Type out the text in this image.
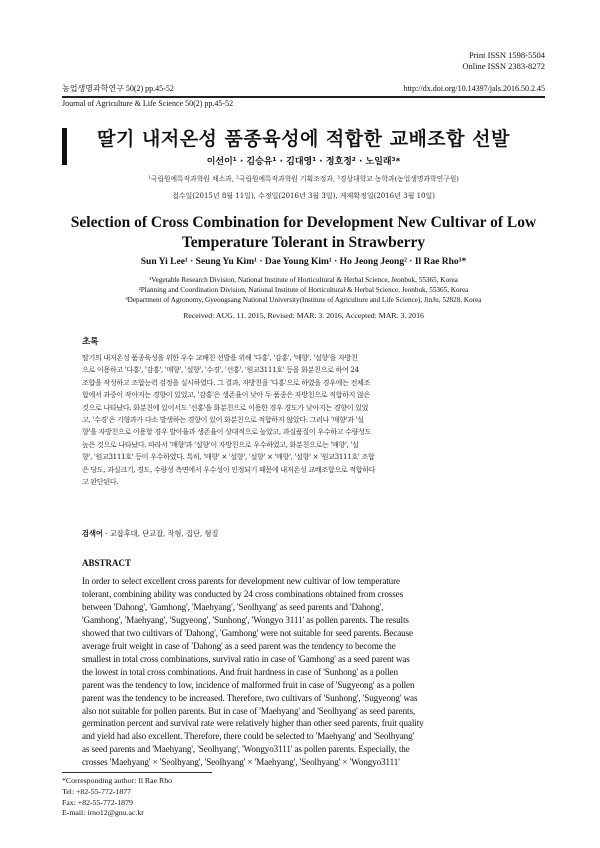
Print ISSN 1598-5504
Online ISSN 2383-8272
농업생명과학연구 50(2) pp.45-52	http://dx.doi.org/10.14397/jals.2016.50.2.45
Journal of Agriculture & Life Science 50(2) pp.45-52
딸기 내저온성 품종육성에 적합한 교배조합 선발
이선이¹ · 김승유¹ · 김대영¹ · 정호정² · 노일래³*
¹국립원예특작과학원 채소과, ²국립원예특작과학원 기획조정과, ³경상대학교 농학과(농업생명과학연구원)
접수일(2015년 8월 11일), 수정일(2016년 3월 3일), 게재확정일(2016년 3월 10일)
Selection of Cross Combination for Development New Cultivar of Low
Temperature Tolerant in Strawberry
Sun Yi Lee¹ · Seung Yu Kim¹ · Dae Young Kim¹ · Ho Jeong Jeong² · Il Rae Rho³*
¹Vegetable Research Division, National Institute of Horticultural & Herbal Science, Jeonbuk, 55365, Korea
²Planning and Coordination Division, National Institute of Horticultural & Herbal Science, Jeonbuk, 55365, Korea
³Department of Agronomy, Gyeongsang National University(Institute of Agriculture and Life Science), JinJu, 52828, Korea
Received: AUG. 11. 2015, Revised: MAR. 3. 2016, Accepted: MAR. 3. 2016
초록
딸기의 내저온성 품종육성을 위한 우수 교배친 선발을 위해 '다홍', '감홍', '매향', '설향'을 자방친
으로 이용하고 '다홍', '감홍', '매향', '설향', '수경', '선홍', '원교3111호' 등을 화분친으로 하여 24
조합을 작성하고 조합능력 검정을 실시하였다. 그 결과, 자방친을 '다홍'으로 하였을 경우에는 전체조
합에서 과중이 작아지는 경향이 있었고, '감홍'은 생존율이 낮아 두 품종은 자방친으로 적합하지 않은
것으로 나타났다. 화분친에 있어서도 '선홍'을 화분친으로 이용한 경우 경도가 낮아지는 경향이 있었
고, '수경'은 기형과가 다소 발생하는 경향이 있어 화분친으로 적합하지 않았다. 그러나 '매향'과 '설
향'을 자방친으로 이용할 경우 발아율과 생존율이 상대적으로 높았고, 과실품질이 우수하고 수량성도
높은 것으로 나타났다. 따라서 '매향'과 '설향'이 자방친으로 우수하였고, 화분친으로는 '매향', '설
향', '원교3111호' 등이 우수하였다. 특히, '매향' × '설향', '설향' × '매향', '설향' × '원교3111호' 조합
은 당도, 과실크기, 경도, 수량성 측면에서 우수성이 인정되기 때문에 내저온성 교배조합으로 적합하다
고 판단된다.
검색어 - 교잡후대, 단교잡, 작형, 집단, 형질
ABSTRACT
In order to select excellent cross parents for development new cultivar of low temperature
tolerant, combining ability was conducted by 24 cross combinations obtained from crosses
between 'Dahong', 'Gamhong', 'Maehyang', 'Seolhyang' as seed parents and 'Dahong',
'Gamhong', 'Maehyang', 'Sugyeong', 'Sunhong', 'Wongyo 3111' as pollen parents. The results
showed that two cultivars of 'Dahong', 'Gamhong' were not suitable for seed parents. Because
average fruit weight in case of 'Dahong' as a seed parent was the tendency to become the
smallest in total cross combinations, survival ratio in case of 'Gamhong' as a seed parent was
the lowest in total cross combinations. And fruit hardness in case of 'Sunhong' as a pollen
parent was the tendency to low, incidence of malformed fruit in case of 'Sugyeong' as a pollen
parent was the tendency to be increased. Therefore, two cultivars of 'Sunhong', 'Sugyeong' was
also not suitable for pollen parents. But in case of 'Maehyang' and 'Seolhyang' as seed parents,
germination percent and survival rate were relatively higher than other seed parents, fruit quality
and yield had also excellent. Therefore, there could be selected to 'Maehyang' and 'Seolhyang'
as seed parents and 'Maehyang', 'Seolhyang', 'Wongyo3111' as pollen parents. Especially, the
crosses 'Maehyang' × 'Seolhyang', 'Seolhyang' × 'Maehyang', 'Seolhyang' × 'Wongyo3111'
*Corresponding author: Il Rae Rho
Tel: +82-55-772-1877
Fax: +82-55-772-1879
E-mail: irno12@gnu.ac.kr
